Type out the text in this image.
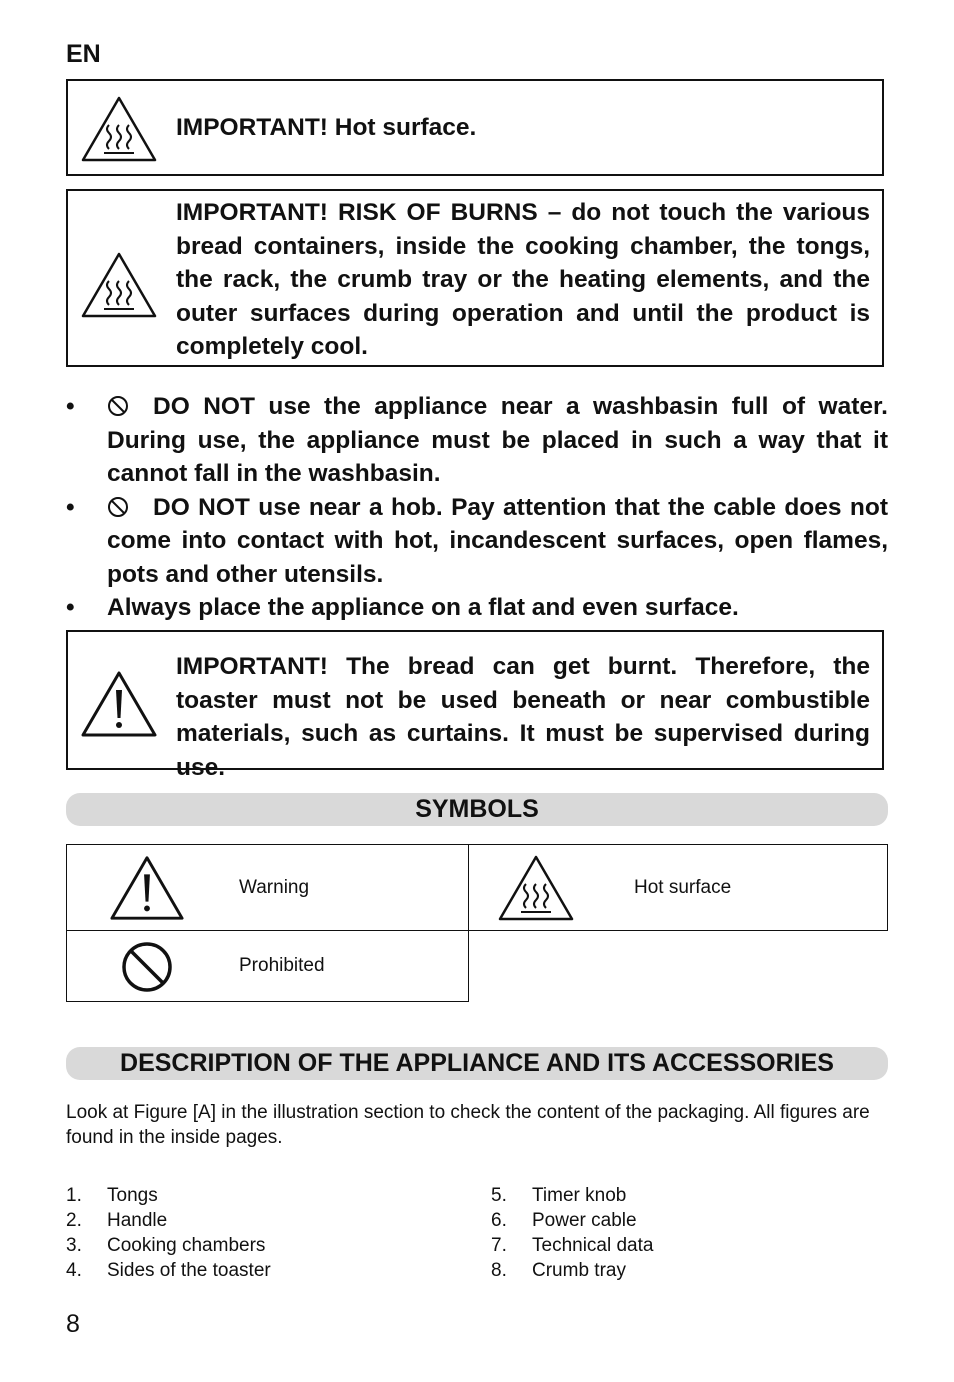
EN
IMPORTANT! Hot surface.
IMPORTANT! RISK OF BURNS – do not touch the various bread containers, inside the cooking chamber, the tongs, the rack, the crumb tray or the heating elements, and the outer surfaces during operation and until the product is completely cool.
•	DO NOT use the appliance near a washbasin full of water. During use, the appliance must be placed in such a way that it cannot fall in the washbasin.
•	DO NOT use near a hob. Pay attention that the cable does not come into contact with hot, incandescent surfaces, open flames, pots and other utensils.
• Always place the appliance on a flat and even surface.
IMPORTANT! The bread can get burnt. Therefore, the toaster must not be used beneath or near combustible materials, such as curtains. It must be supervised during use.
SYMBOLS
Warning	Hot surface
Prohibited
DESCRIPTION OF THE APPLIANCE AND ITS ACCESSORIES
Look at Figure [A] in the illustration section to check the content of the packaging. All figures are found in the inside pages.
1. Tongs
2. Handle
3. Cooking chambers
4. Sides of the toaster
5. Timer knob
6. Power cable
7. Technical data
8. Crumb tray
8
